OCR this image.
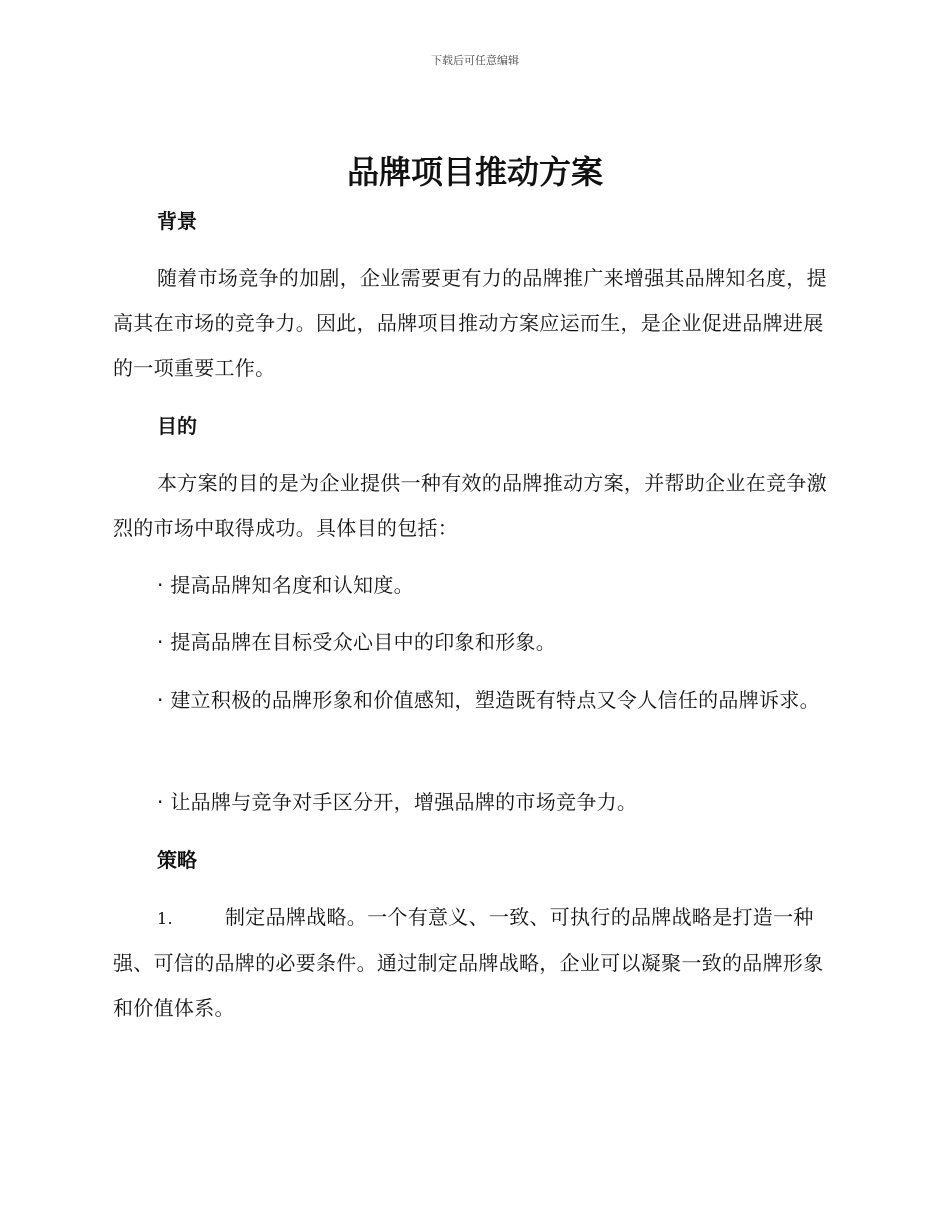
下载后可任意编辑
品牌项目推动方案
背景
随着市场竞争的加剧，企业需要更有力的品牌推广来增强其品牌知名度，提高其在市场的竞争力。因此，品牌项目推动方案应运而生，是企业促进品牌进展的一项重要工作。
目的
本方案的目的是为企业提供一种有效的品牌推动方案，并帮助企业在竞争激烈的市场中取得成功。具体目的包括：
· 提高品牌知名度和认知度。
· 提高品牌在目标受众心目中的印象和形象。
· 建立积极的品牌形象和价值感知，塑造既有特点又令人信任的品牌诉求。
· 让品牌与竞争对手区分开，增强品牌的市场竞争力。
策略
1.	制定品牌战略。一个有意义、一致、可执行的品牌战略是打造一种强、可信的品牌的必要条件。通过制定品牌战略，企业可以凝聚一致的品牌形象和价值体系。
